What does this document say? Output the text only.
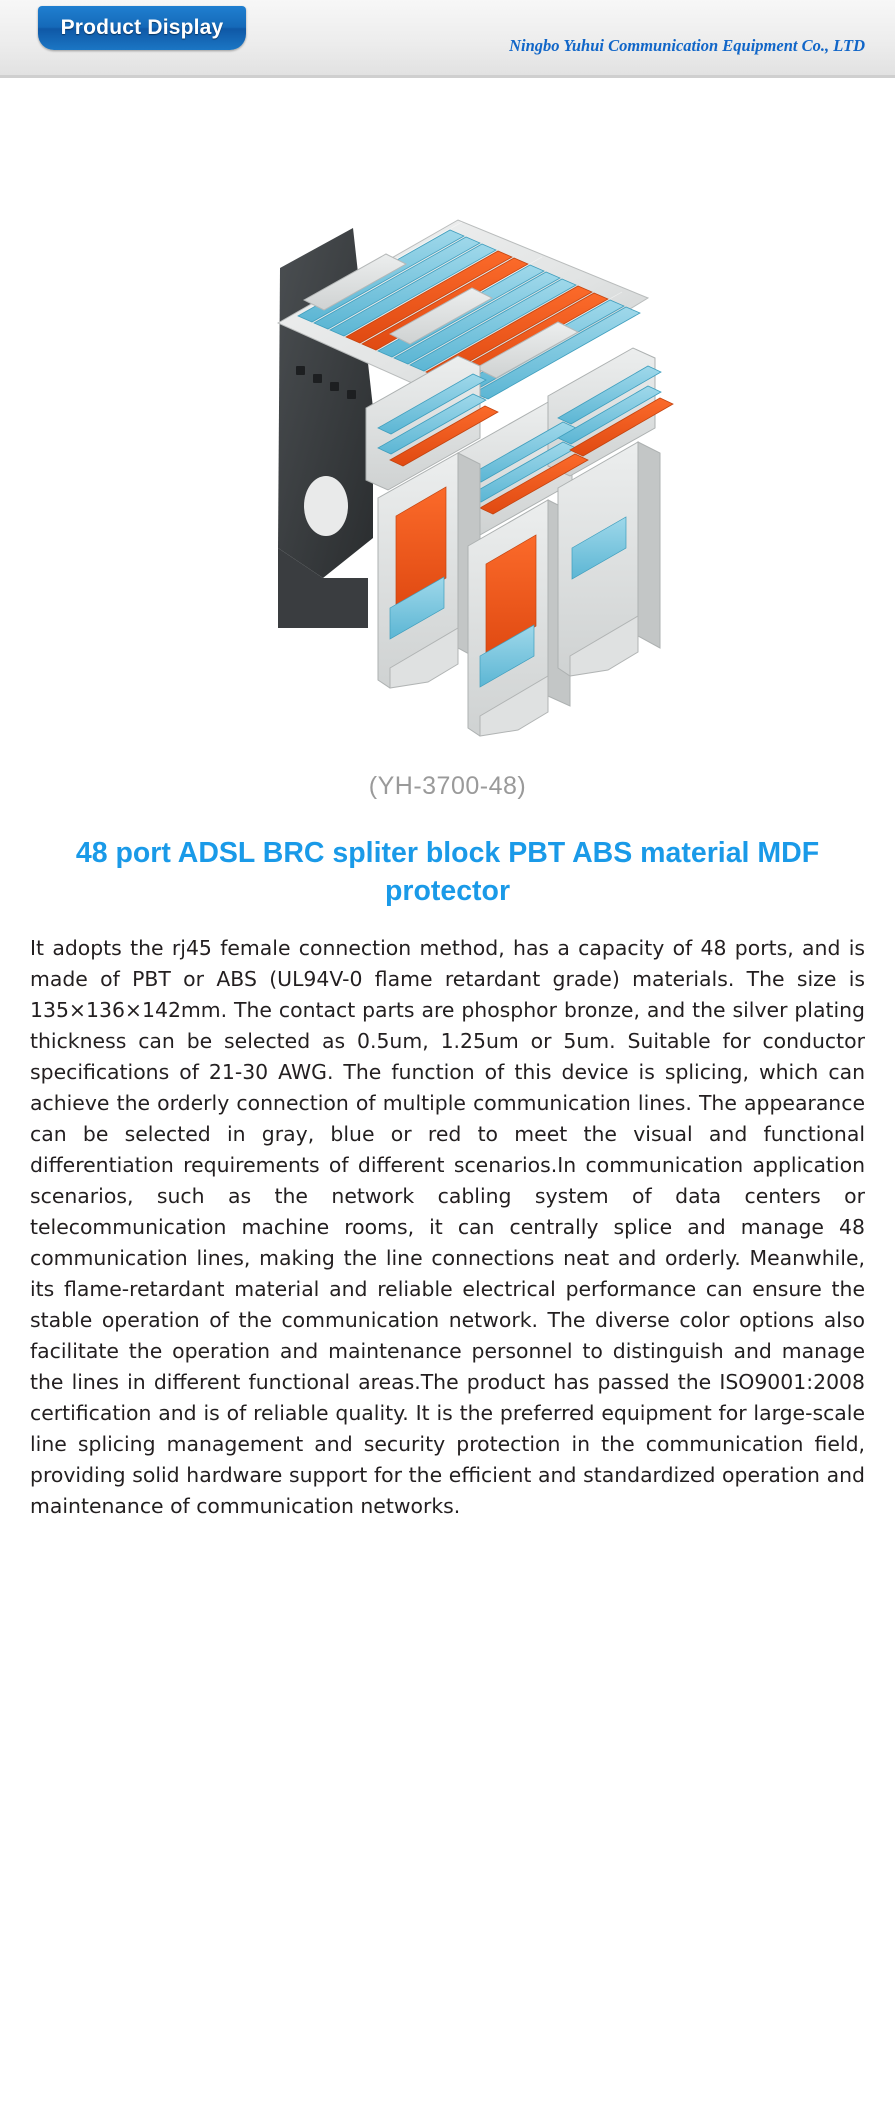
Product Display
Ningbo Yuhui Communication Equipment Co., LTD
(YH-3700-48)
48 port ADSL BRC spliter block PBT ABS material MDF protector

It adopts the rj45 female connection method, has a capacity of 48 ports, and is made of PBT or ABS (UL94V-0 flame retardant grade) materials. The size is 135×136×142mm. The contact parts are phosphor bronze, and the silver plating thickness can be selected as 0.5um, 1.25um or 5um. Suitable for conductor specifications of 21-30 AWG. The function of this device is splicing, which can achieve the orderly connection of multiple communication lines. The appearance can be selected in gray, blue or red to meet the visual and functional differentiation requirements of different scenarios.In communication application scenarios, such as the network cabling system of data centers or telecommunication machine rooms, it can centrally splice and manage 48 communication lines, making the line connections neat and orderly. Meanwhile, its flame-retardant material and reliable electrical performance can ensure the stable operation of the communication network. The diverse color options also facilitate the operation and maintenance personnel to distinguish and manage the lines in different functional areas.The product has passed the ISO9001:2008 certification and is of reliable quality. It is the preferred equipment for large-scale line splicing management and security protection in the communication field, providing solid hardware support for the efficient and standardized operation and maintenance of communication networks.
